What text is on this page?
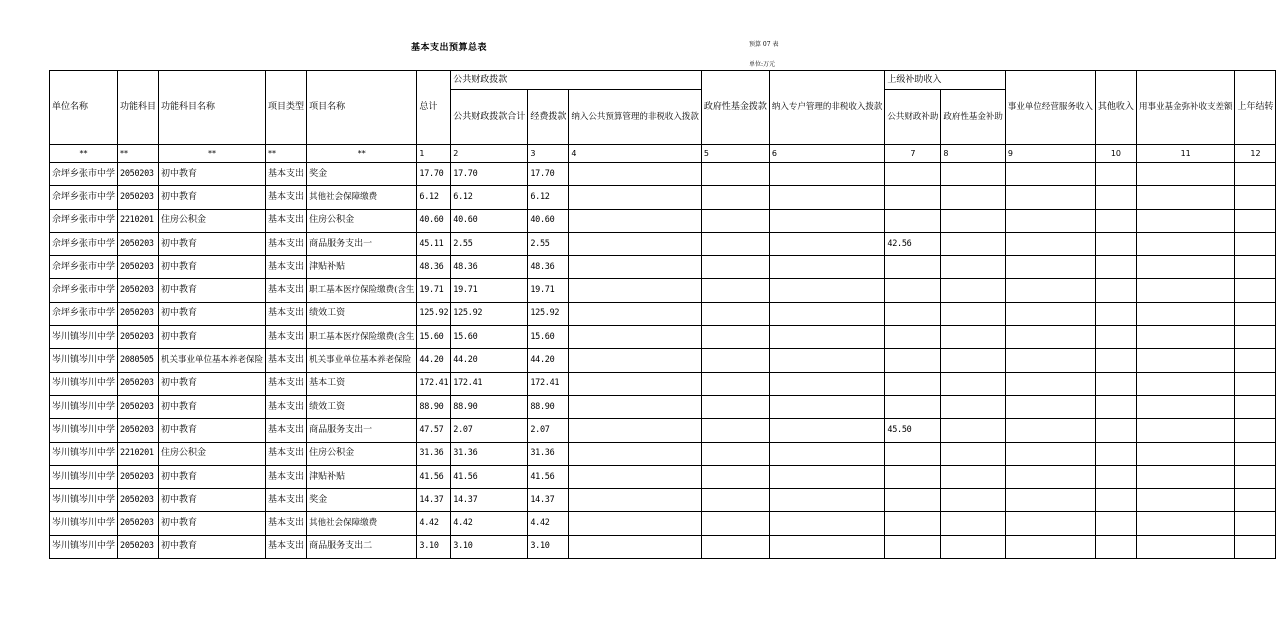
基本支出预算总表	预算 07 表
单位:万元
单位名称	功能科目	功能科目名称	项目类型	项目名称	总计	公共财政拨款			政府性基金拨款	纳入专户管理的非税收入拨款	上级补助收入		事业单位经营服务收入	其他收入	用事业基金弥补收支差额	上年结转
						公共财政拨款合计	经费拨款	纳入公共预算管理的非税收入拨款			公共财政补助	政府性基金补助				
**	**	**	**	**	1	2	3	4	5	6	7	8	9	10	11	12
佘坪乡张市中学	2050203	初中教育	基本支出	奖金	17.70	17.70	17.70									
佘坪乡张市中学	2050203	初中教育	基本支出	其他社会保障缴费	6.12	6.12	6.12									
佘坪乡张市中学	2210201	住房公积金	基本支出	住房公积金	40.60	40.60	40.60									
佘坪乡张市中学	2050203	初中教育	基本支出	商品服务支出一	45.11	2.55	2.55				42.56					
佘坪乡张市中学	2050203	初中教育	基本支出	津贴补贴	48.36	48.36	48.36									
佘坪乡张市中学	2050203	初中教育	基本支出	职工基本医疗保险缴费(含生	19.71	19.71	19.71									
佘坪乡张市中学	2050203	初中教育	基本支出	绩效工资	125.92	125.92	125.92									
岑川镇岑川中学	2050203	初中教育	基本支出	职工基本医疗保险缴费(含生	15.60	15.60	15.60									
岑川镇岑川中学	2080505	机关事业单位基本养老保险	基本支出	机关事业单位基本养老保险	44.20	44.20	44.20									
岑川镇岑川中学	2050203	初中教育	基本支出	基本工资	172.41	172.41	172.41									
岑川镇岑川中学	2050203	初中教育	基本支出	绩效工资	88.90	88.90	88.90									
岑川镇岑川中学	2050203	初中教育	基本支出	商品服务支出一	47.57	2.07	2.07				45.50					
岑川镇岑川中学	2210201	住房公积金	基本支出	住房公积金	31.36	31.36	31.36									
岑川镇岑川中学	2050203	初中教育	基本支出	津贴补贴	41.56	41.56	41.56									
岑川镇岑川中学	2050203	初中教育	基本支出	奖金	14.37	14.37	14.37									
岑川镇岑川中学	2050203	初中教育	基本支出	其他社会保障缴费	4.42	4.42	4.42									
岑川镇岑川中学	2050203	初中教育	基本支出	商品服务支出二	3.10	3.10	3.10									
